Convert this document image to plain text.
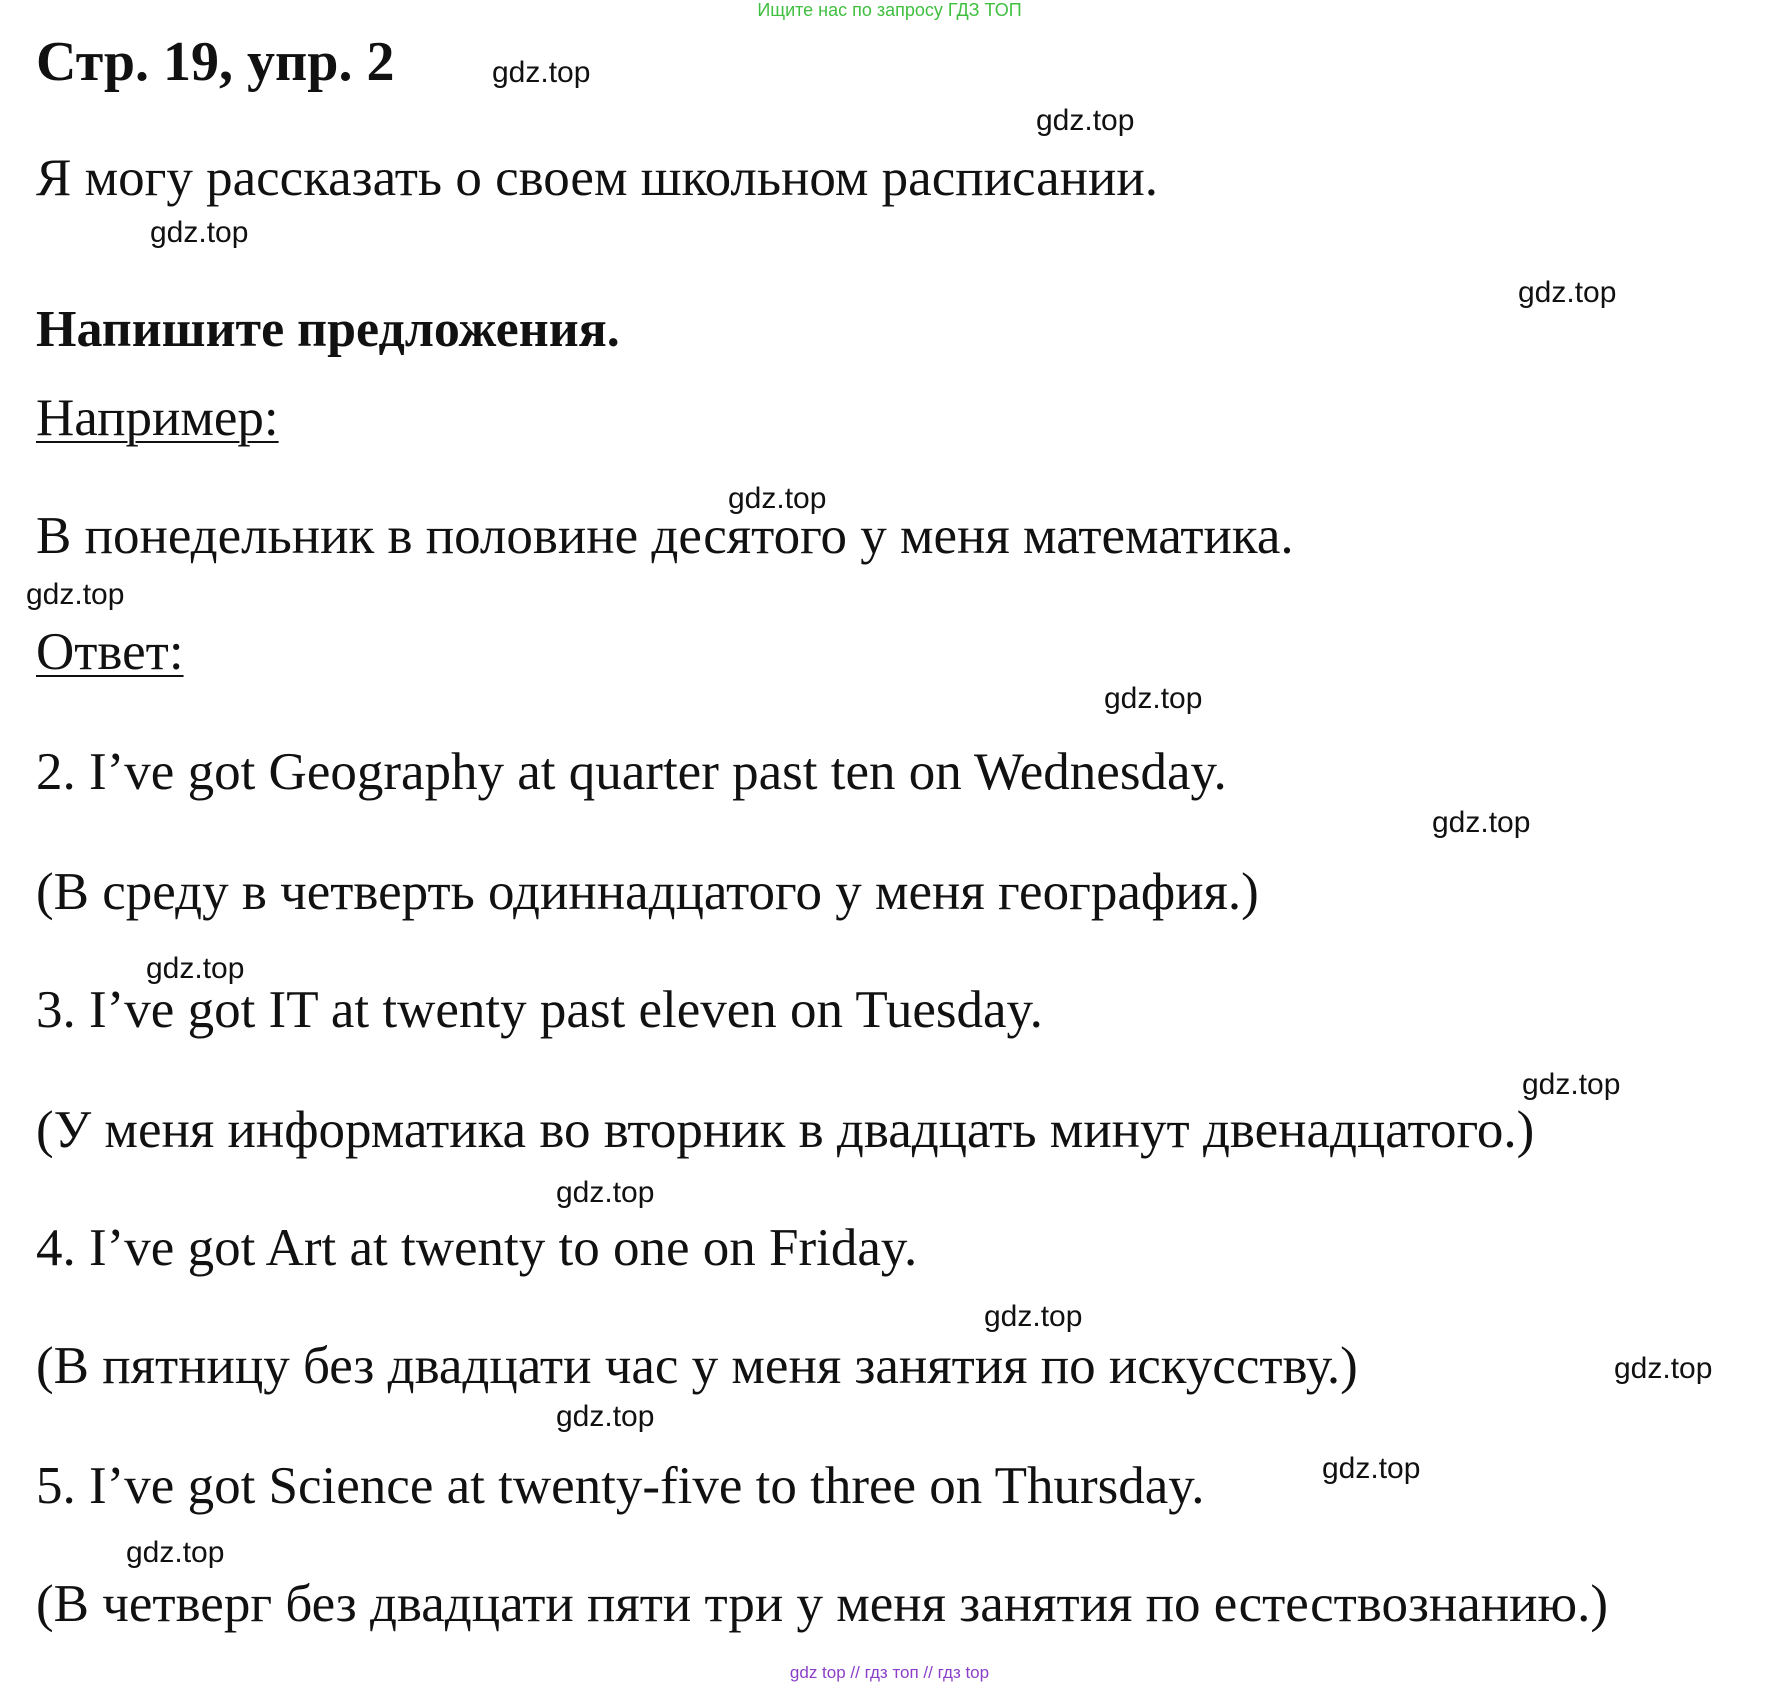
Ищите нас по запросу ГДЗ ТОП
Стр. 19, упр. 2
Я могу рассказать о своем школьном расписании.
Напишите предложения.
Например:
В понедельник в половине десятого у меня математика.
Ответ:
2. I’ve got Geography at quarter past ten on Wednesday.
(В среду в четверть одиннадцатого у меня география.)
3. I’ve got IT at twenty past eleven on Tuesday.
(У меня информатика во вторник в двадцать минут двенадцатого.)
4. I’ve got Art at twenty to one on Friday.
(В пятницу без двадцати час у меня занятия по искусству.)
5. I’ve got Science at twenty-five to three on Thursday.
(В четверг без двадцати пяти три у меня занятия по естествознанию.)
gdz.top
gdz.top
gdz.top
gdz.top
gdz.top
gdz.top
gdz.top
gdz.top
gdz.top
gdz.top
gdz.top
gdz.top
gdz.top
gdz.top
gdz.top
gdz.top
gdz top // гдз топ // гдз top
